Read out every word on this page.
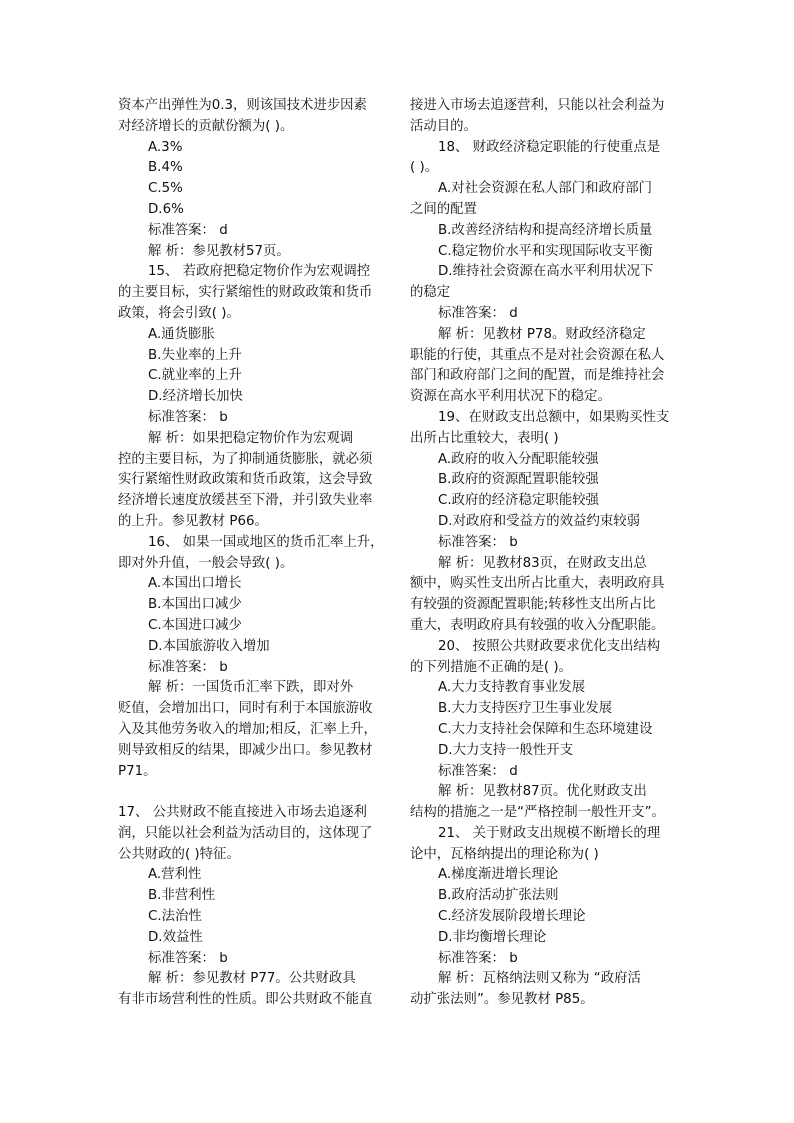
资本产出弹性为0.3，则该国技术进步因素
对经济增长的贡献份额为( )。
A.3%
B.4%
C.5%
D.6%
标准答案： d
解 析：参见教材57页。
15、 若政府把稳定物价作为宏观调控
的主要目标，实行紧缩性的财政政策和货币
政策，将会引致( )。
A.通货膨胀
B.失业率的上升
C.就业率的上升
D.经济增长加快
标准答案： b
解 析：如果把稳定物价作为宏观调
控的主要目标，为了抑制通货膨胀，就必须
实行紧缩性财政政策和货币政策，这会导致
经济增长速度放缓甚至下滑，并引致失业率
的上升。参见教材 P66。
16、 如果一国或地区的货币汇率上升，
即对外升值，一般会导致( )。
A.本国出口增长
B.本国出口减少
C.本国进口减少
D.本国旅游收入增加
标准答案： b
解 析：一国货币汇率下跌，即对外
贬值，会增加出口，同时有利于本国旅游收
入及其他劳务收入的增加;相反，汇率上升，
则导致相反的结果，即减少出口。参见教材
P71。
17、 公共财政不能直接进入市场去追逐利
润，只能以社会利益为活动目的，这体现了
公共财政的( )特征。
A.营利性
B.非营利性
C.法治性
D.效益性
标准答案： b
解 析：参见教材 P77。公共财政具
有非市场营利性的性质。即公共财政不能直
接进入市场去追逐营利，只能以社会利益为
活动目的。
18、 财政经济稳定职能的行使重点是
( )。
A.对社会资源在私人部门和政府部门
之间的配置
B.改善经济结构和提高经济增长质量
C.稳定物价水平和实现国际收支平衡
D.维持社会资源在高水平利用状况下
的稳定
标准答案： d
解 析：见教材 P78。财政经济稳定
职能的行使，其重点不是对社会资源在私人
部门和政府部门之间的配置，而是维持社会
资源在高水平利用状况下的稳定。
19、在财政支出总额中，如果购买性支
出所占比重较大，表明( )
A.政府的收入分配职能较强
B.政府的资源配置职能较强
C.政府的经济稳定职能较强
D.对政府和受益方的效益约束较弱
标准答案： b
解 析：见教材83页，在财政支出总
额中，购买性支出所占比重大，表明政府具
有较强的资源配置职能;转移性支出所占比
重大，表明政府具有较强的收入分配职能。
20、 按照公共财政要求优化支出结构
的下列措施不正确的是( )。
A.大力支持教育事业发展
B.大力支持医疗卫生事业发展
C.大力支持社会保障和生态环境建设
D.大力支持一般性开支
标准答案： d
解 析：见教材87页。优化财政支出
结构的措施之一是“严格控制一般性开支”。
21、 关于财政支出规模不断增长的理
论中，瓦格纳提出的理论称为( )
A.梯度渐进增长理论
B.政府活动扩张法则
C.经济发展阶段增长理论
D.非均衡增长理论
标准答案： b
解 析：瓦格纳法则又称为 “政府活
动扩张法则”。参见教材 P85。
